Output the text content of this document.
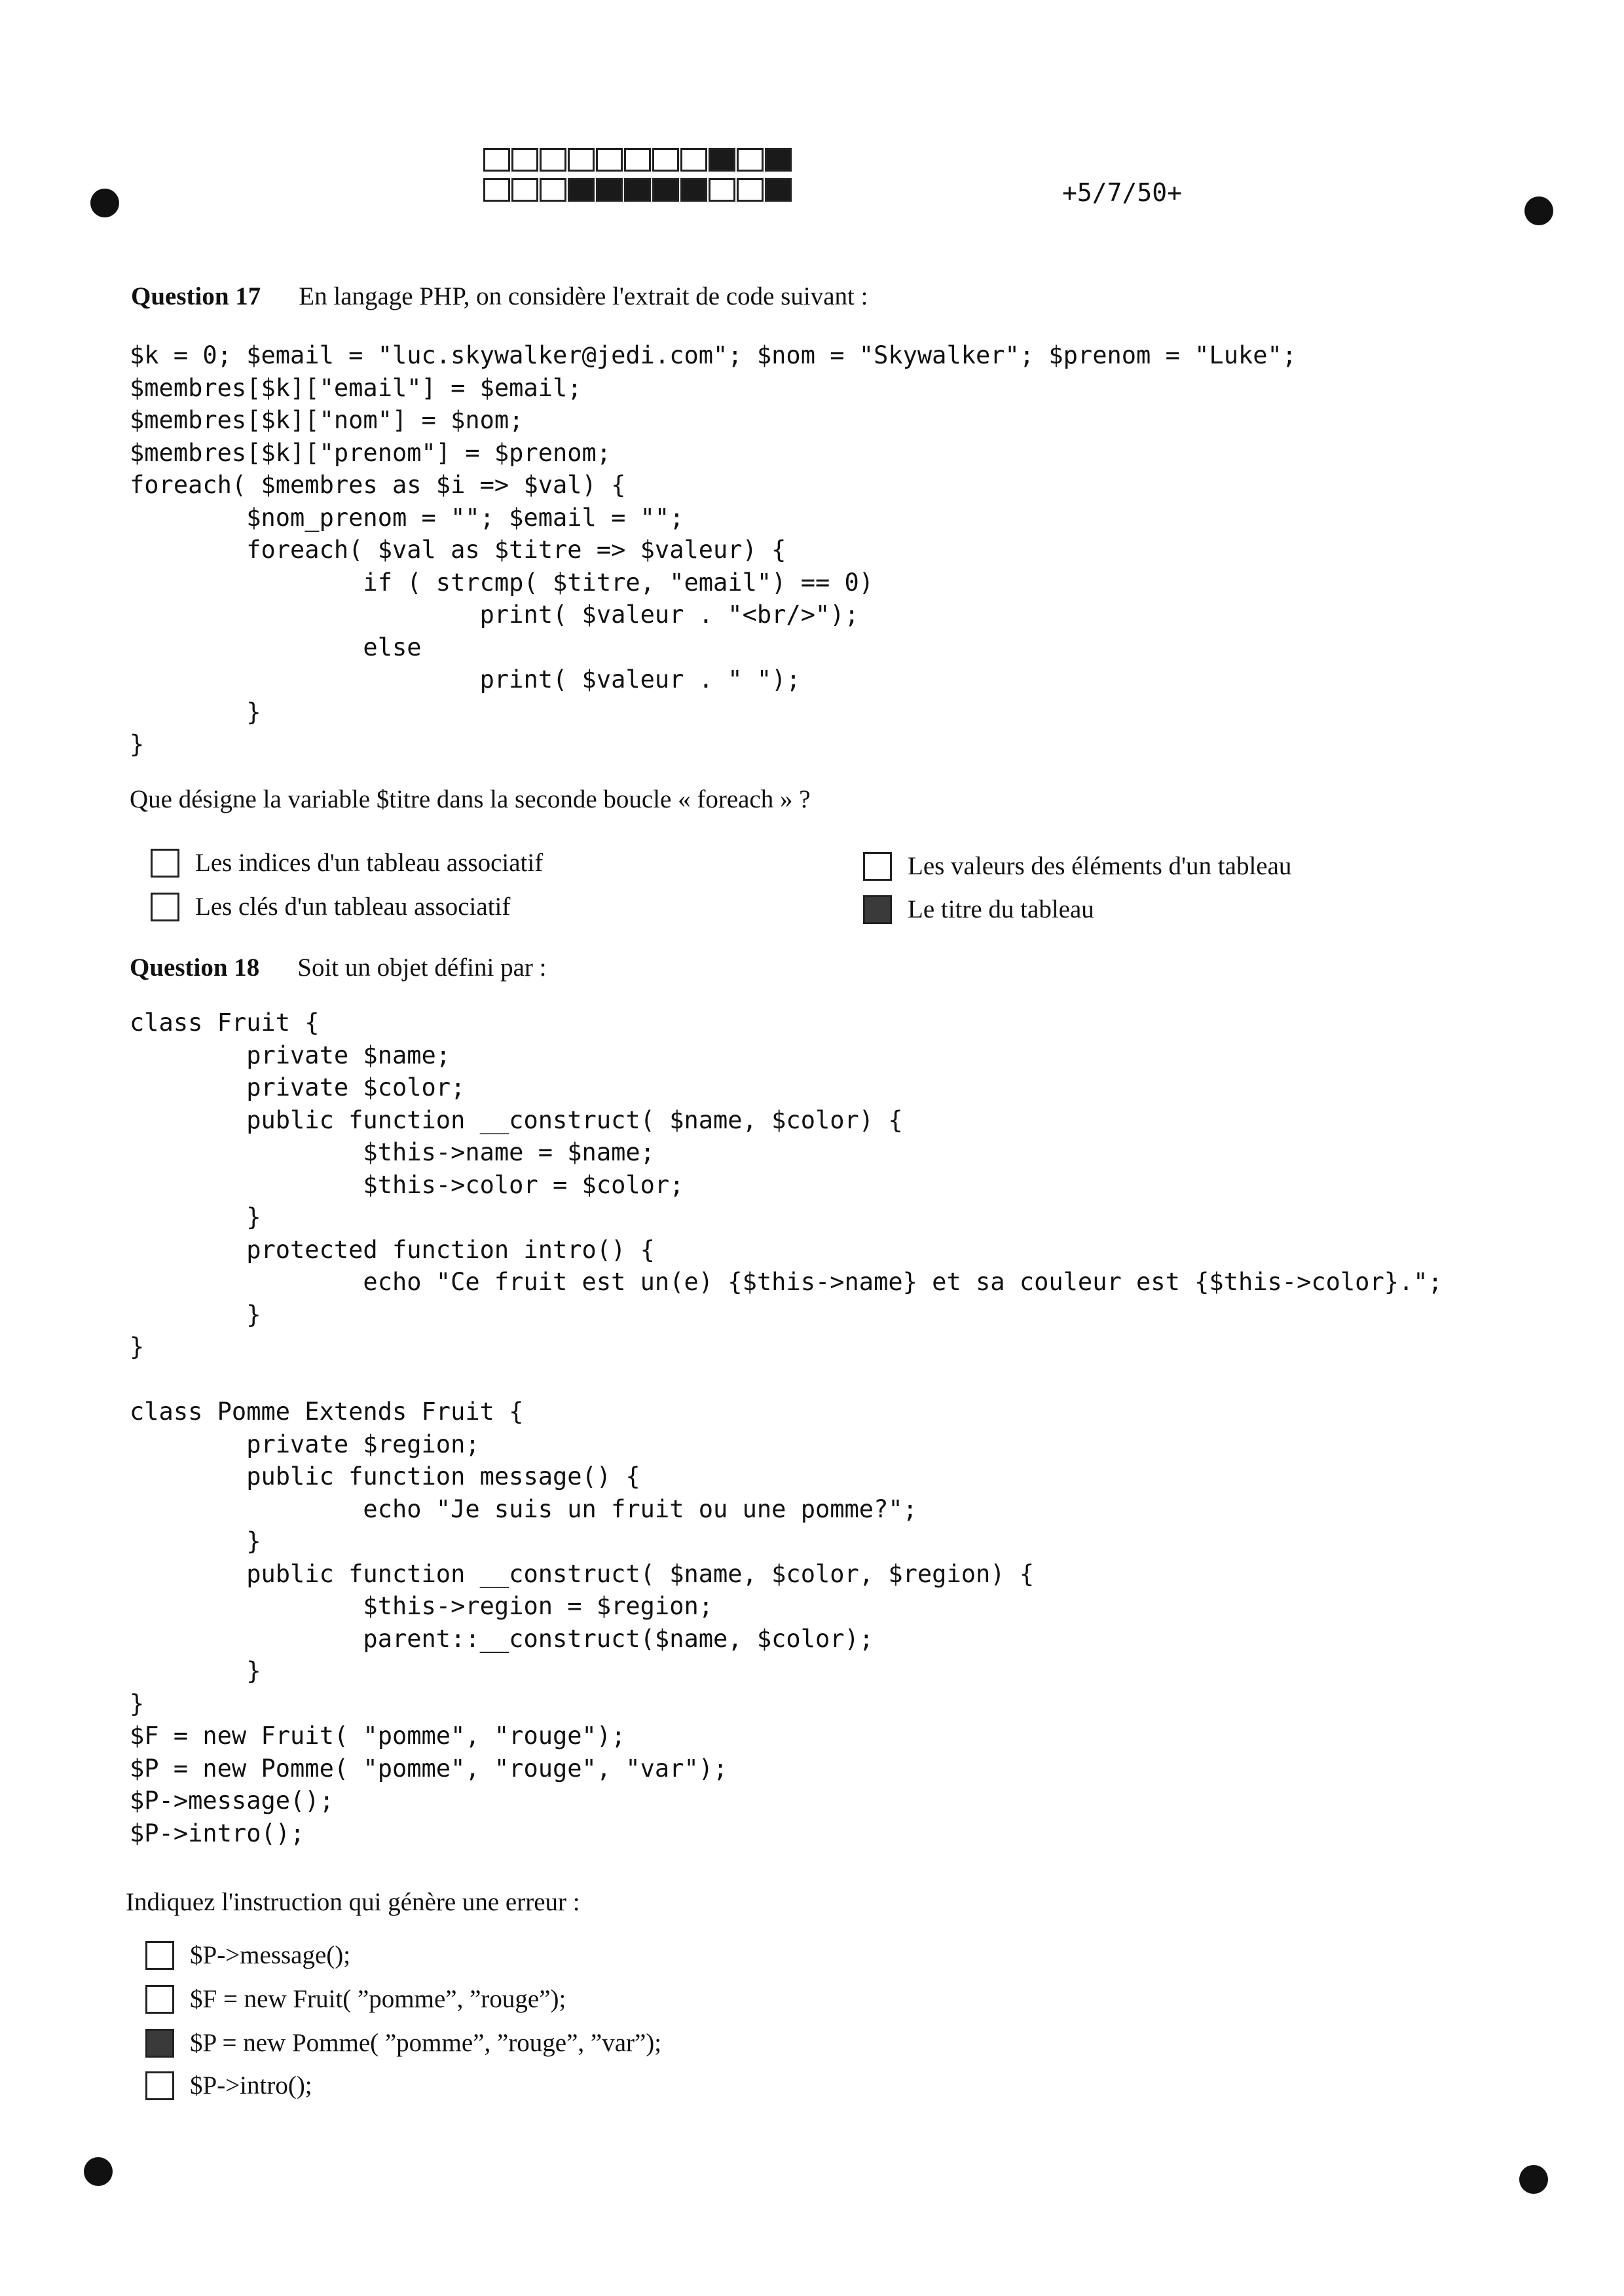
+5/7/50+
Question 17 En langage PHP, on considère l'extrait de code suivant :
$k = 0; $email = "luc.skywalker@jedi.com"; $nom = "Skywalker"; $prenom = "Luke";
$membres[$k]["email"] = $email;
$membres[$k]["nom"] = $nom;
$membres[$k]["prenom"] = $prenom;
foreach( $membres as $i => $val) {
$nom_prenom = ""; $email = "";
foreach( $val as $titre => $valeur) {
if ( strcmp( $titre, "email") == 0)
print( $valeur . "<br/>");
else
print( $valeur . " ");
}
}
Que désigne la variable $titre dans la seconde boucle « foreach » ?
Les indices d'un tableau associatif
Les clés d'un tableau associatif
Les valeurs des éléments d'un tableau
Le titre du tableau
Question 18 Soit un objet défini par :
class Fruit {
private $name;
private $color;
public function __construct( $name, $color) {
$this->name = $name;
$this->color = $color;
}
protected function intro() {
echo "Ce fruit est un(e) {$this->name} et sa couleur est {$this->color}.";
}
}

class Pomme Extends Fruit {
private $region;
public function message() {
echo "Je suis un fruit ou une pomme?";
}
public function __construct( $name, $color, $region) {
$this->region = $region;
parent::__construct($name, $color);
}
}
$F = new Fruit( "pomme", "rouge");
$P = new Pomme( "pomme", "rouge", "var");
$P->message();
$P->intro();
Indiquez l'instruction qui génère une erreur :
$P->message();
$F = new Fruit( ”pomme”, ”rouge”);
$P = new Pomme( ”pomme”, ”rouge”, ”var”);
$P->intro();
